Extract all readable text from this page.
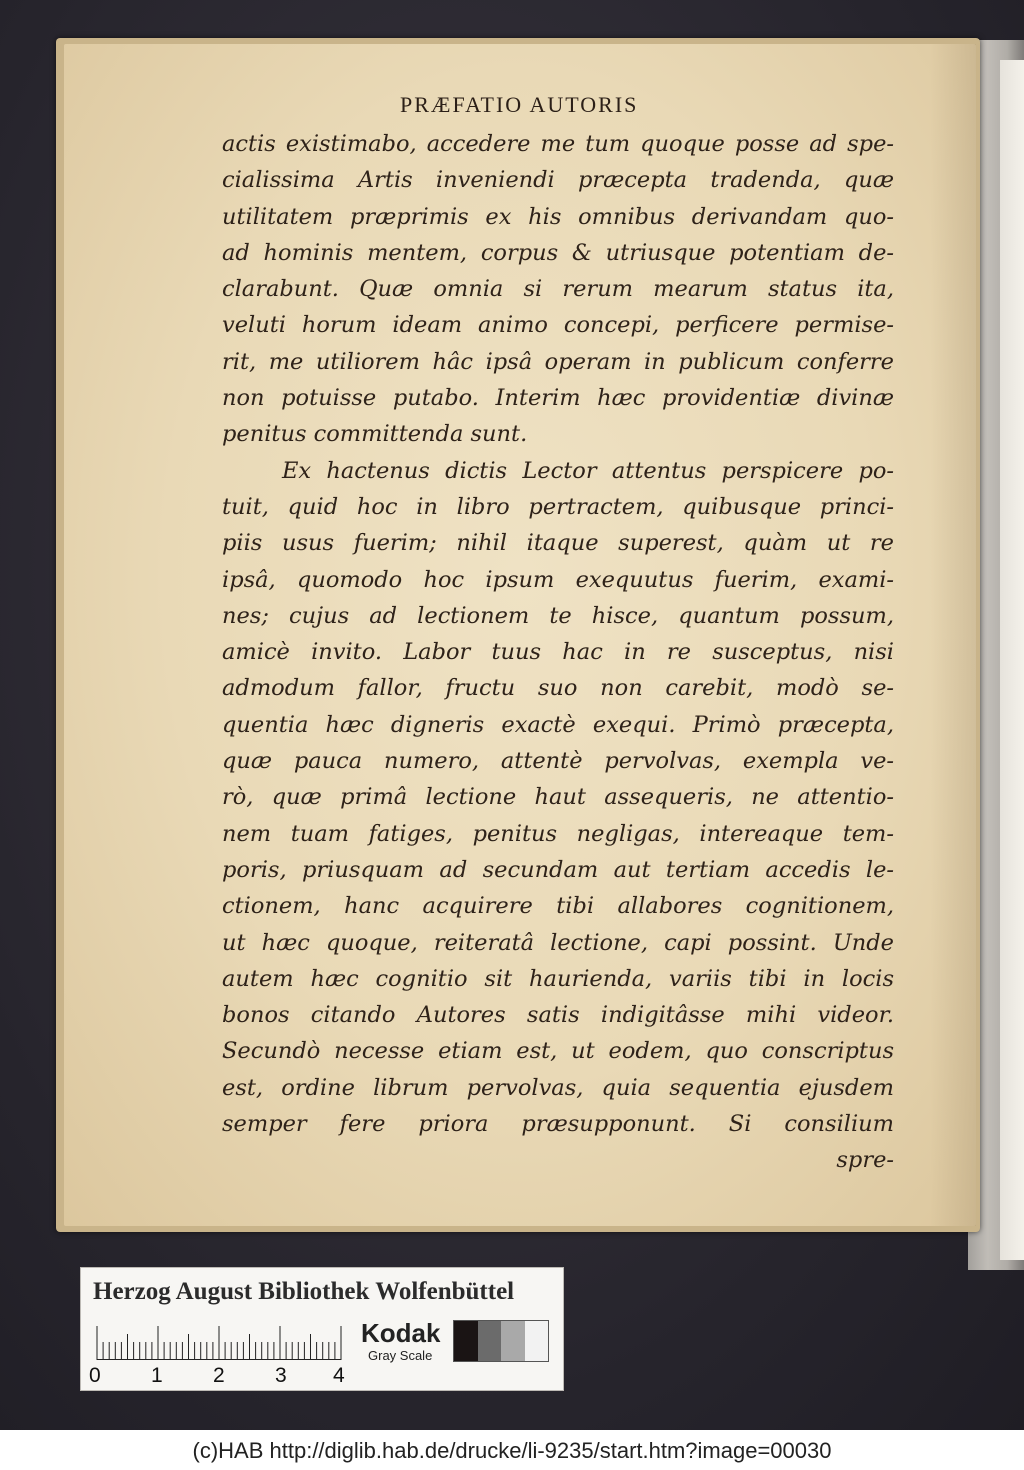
PRÆFATIO AUTORIS
actis existimabo, accedere me tum quoque posse ad spe-
cialissima Artis inveniendi præcepta tradenda, quæ
utilitatem præprimis ex his omnibus derivandam quo-
ad hominis mentem, corpus & utriusque potentiam de-
clarabunt. Quæ omnia si rerum mearum status ita,
veluti horum ideam animo concepi, perficere permise-
rit, me utiliorem hâc ipsâ operam in publicum conferre
non potuisse putabo. Interim hæc providentiæ divinæ
penitus committenda sunt.
Ex hactenus dictis Lector attentus perspicere po-
tuit, quid hoc in libro pertractem, quibusque princi-
piis usus fuerim; nihil itaque superest, quàm ut re
ipsâ, quomodo hoc ipsum exequutus fuerim, exami-
nes; cujus ad lectionem te hisce, quantum possum,
amicè invito. Labor tuus hac in re susceptus, nisi
admodum fallor, fructu suo non carebit, modò se-
quentia hæc digneris exactè exequi. Primò præcepta,
quæ pauca numero, attentè pervolvas, exempla ve-
rò, quæ primâ lectione haut assequeris, ne attentio-
nem tuam fatiges, penitus negligas, intereaque tem-
poris, priusquam ad secundam aut tertiam accedis le-
ctionem, hanc acquirere tibi allabores cognitionem,
ut hæc quoque, reiteratâ lectione, capi possint. Unde
autem hæc cognitio sit haurienda, variis tibi in locis
bonos citando Autores satis indigitâsse mihi videor.
Secundò necesse etiam est, ut eodem, quo conscriptus
est, ordine librum pervolvas, quia sequentia ejusdem
semper fere priora præsupponunt. Si consilium
spre-
Herzog August Bibliothek Wolfenbüttel
0 1 2 3 4
Kodak
Gray Scale
(c)HAB http://diglib.hab.de/drucke/li-9235/start.htm?image=00030
